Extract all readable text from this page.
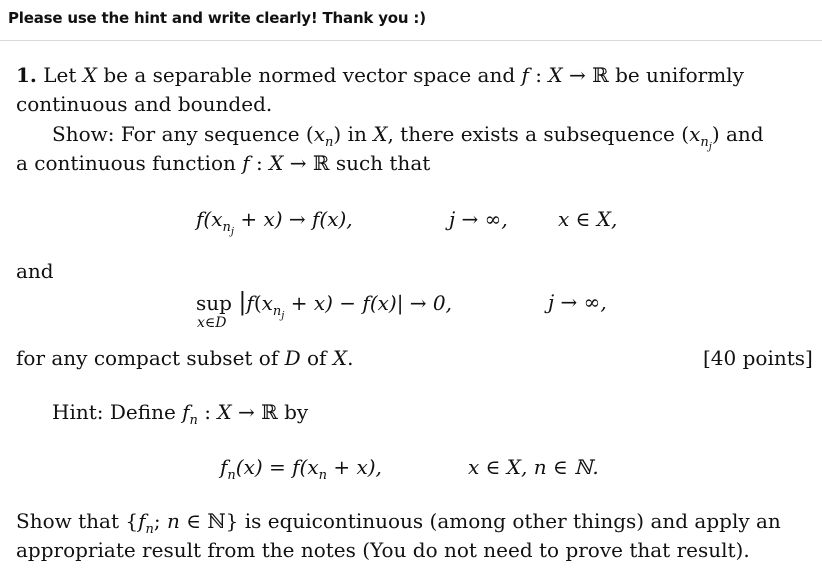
Please use the hint and write clearly! Thank you :)
1. Let X be a separable normed vector space and f : X → ℝ be uniformly
continuous and bounded.
Show: For any sequence $(x_n)$ in X, there exists a subsequence $(x_{n_j})$ and
a continuous function f : X → ℝ such that
$f(x_{n_j} + x) \to f(x)$,	j → ∞,	x ∈ X,
and
sup $|f(x_{n_j} + x) - f(x)| \to 0$,
x∈D
j → ∞,
for any compact subset of D of X.	[40 points]
Hint: Define $f_n$ : X → ℝ by
$f_n(x) = f(x_n + x)$,	x ∈ X, n ∈ ℕ.
Show that {$f_n$; n ∈ ℕ} is equicontinuous (among other things) and apply an
appropriate result from the notes (You do not need to prove that result).
